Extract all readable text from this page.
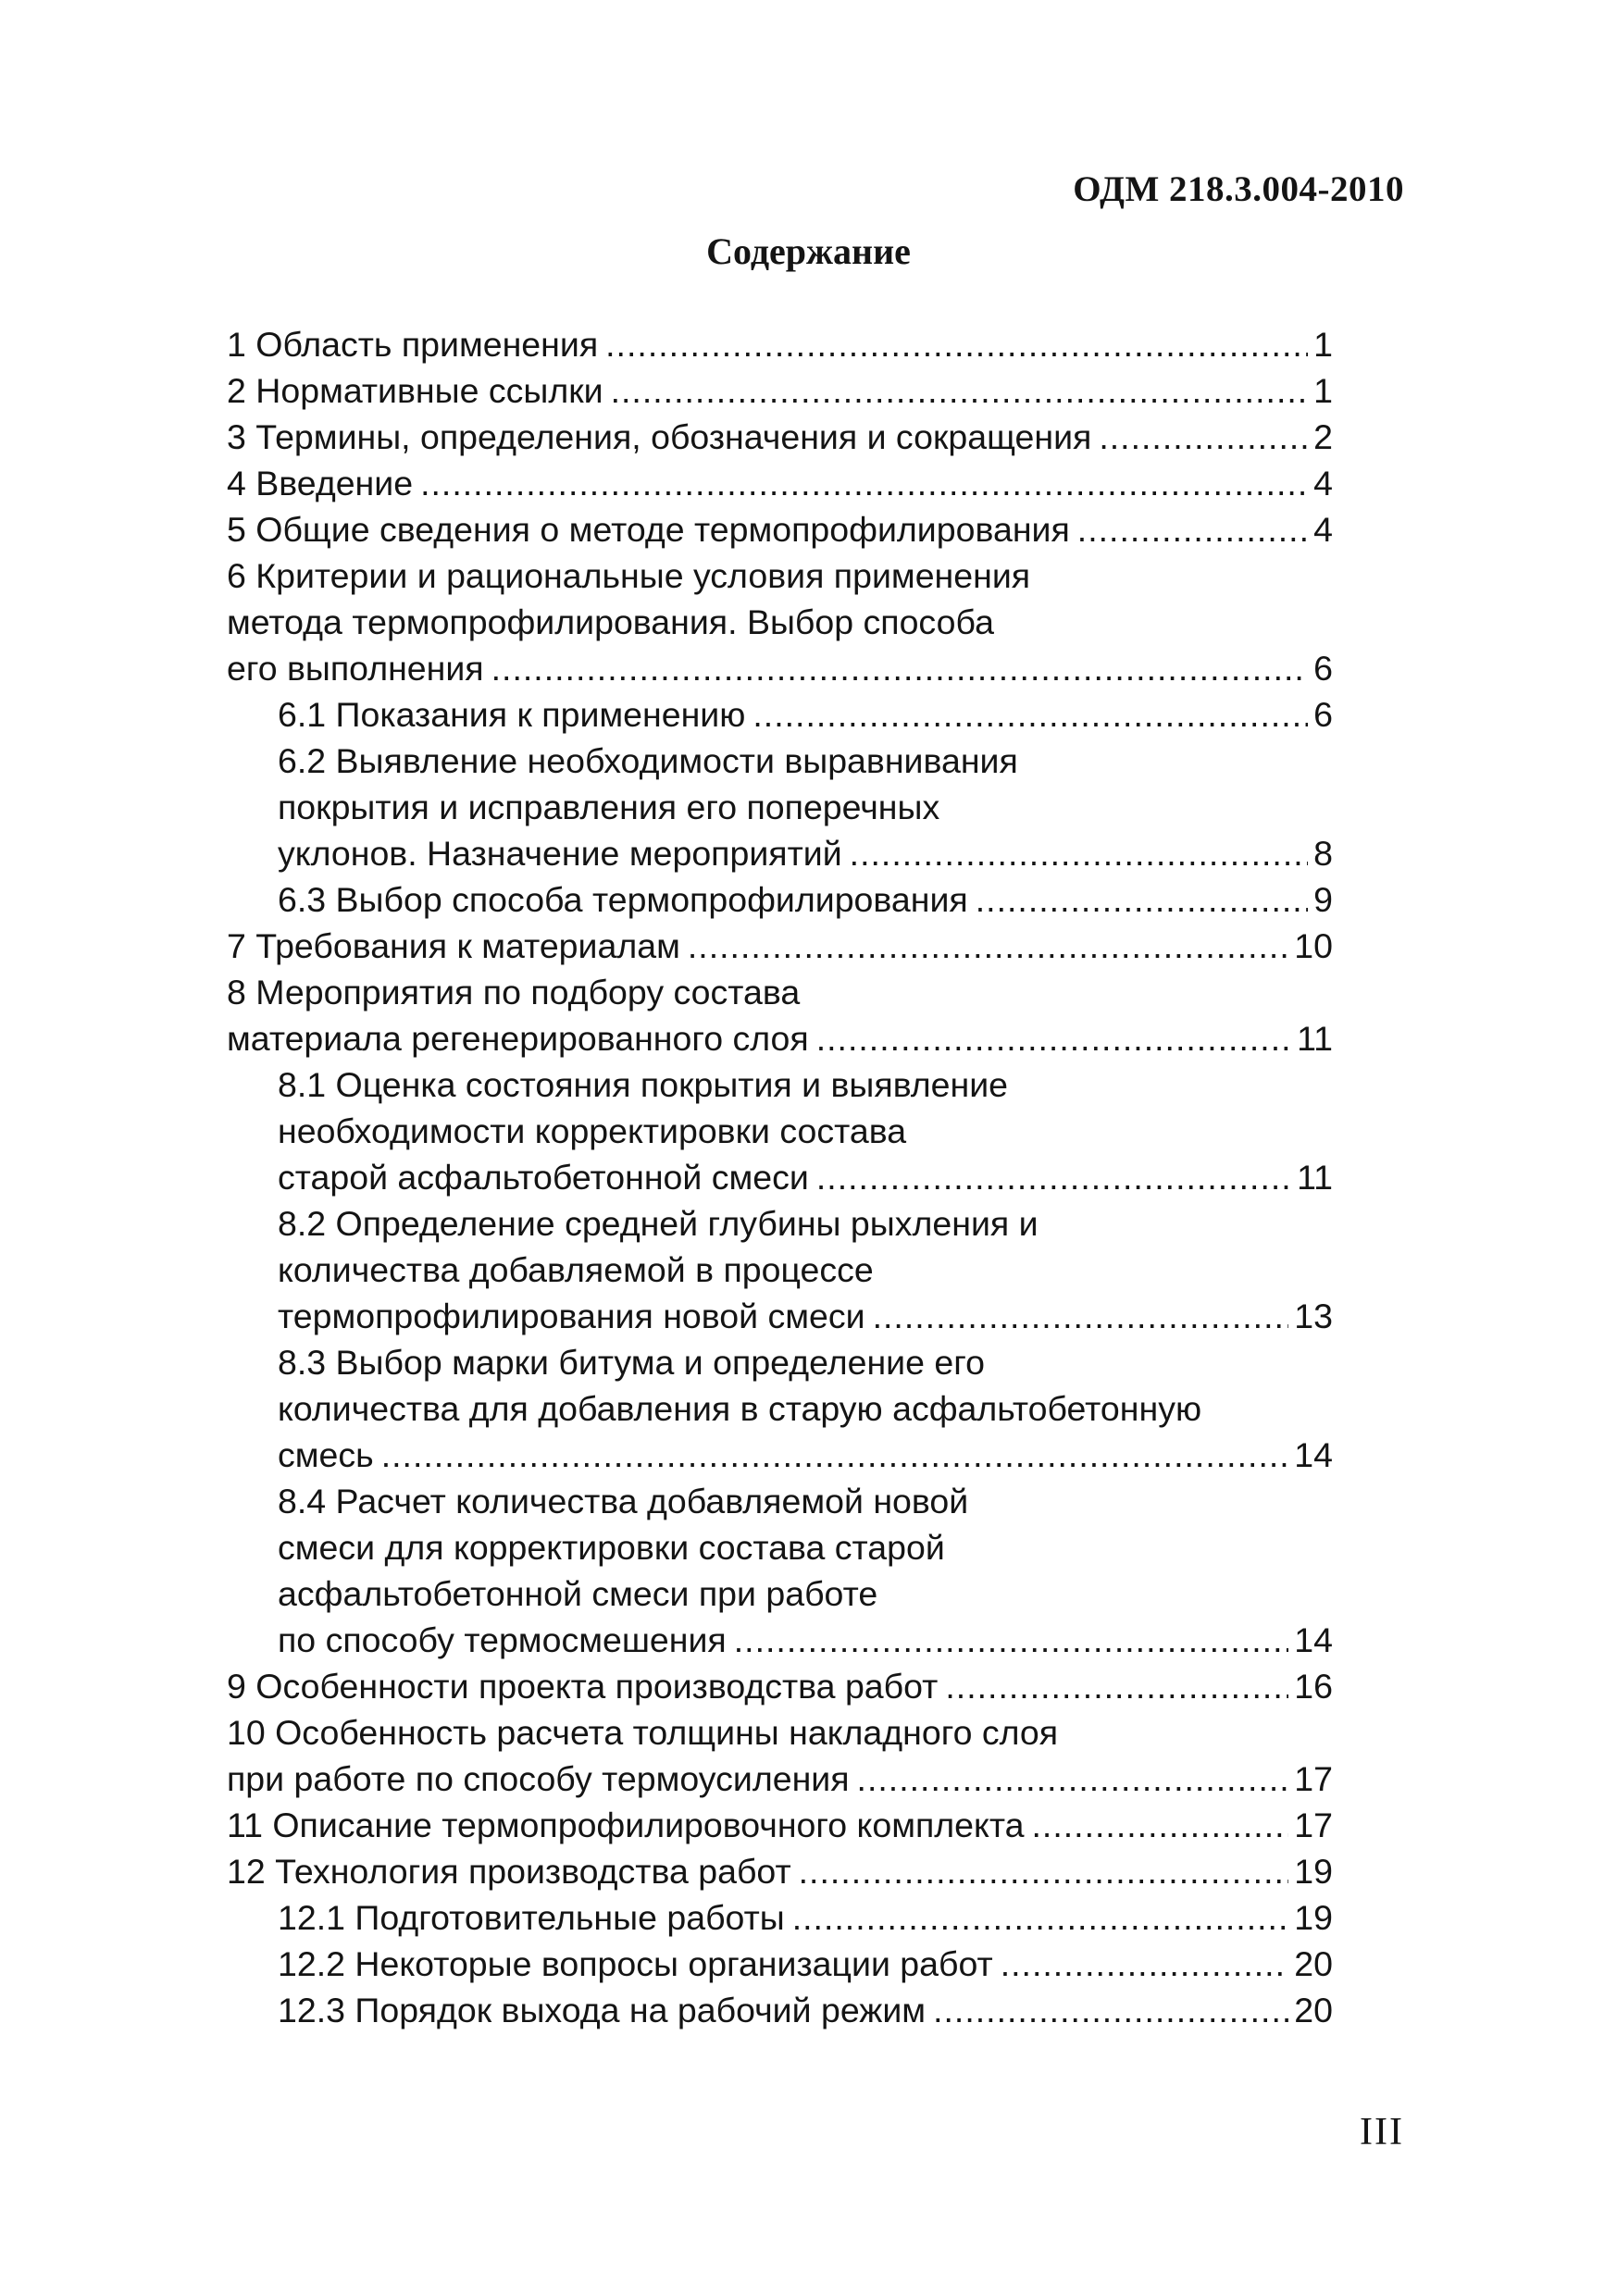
ОДМ 218.3.004-2010
Содержание
1 Область применения .....	1
2 Нормативные ссылки .....	1
3 Термины, определения, обозначения и сокращения .....	2
4 Введение .....	4
5 Общие сведения о методе термопрофилирования .....	4
6 Критерии и рациональные условия применения
метода термопрофилирования. Выбор способа
его выполнения .....	6
6.1 Показания к применению .....	6
6.2 Выявление необходимости выравнивания
покрытия и исправления его поперечных
уклонов. Назначение мероприятий .....	8
6.3 Выбор способа термопрофилирования .....	9
7 Требования к материалам .....	10
8 Мероприятия по подбору состава
материала регенерированного слоя .....	11
8.1 Оценка состояния покрытия и выявление
необходимости корректировки состава
старой асфальтобетонной смеси .....	11
8.2 Определение средней глубины рыхления и
количества добавляемой в процессе
термопрофилирования новой смеси .....	13
8.3 Выбор марки битума и определение его
количества для добавления в старую асфальтобетонную
смесь .....	14
8.4 Расчет количества добавляемой новой
смеси для корректировки состава старой
асфальтобетонной смеси при работе
по способу термосмешения .....	14
9 Особенности проекта производства работ .....	16
10 Особенность расчета толщины накладного слоя
при работе по способу термоусиления .....	17
11 Описание термопрофилировочного комплекта .....	17
12 Технология производства работ .....	19
12.1 Подготовительные работы .....	19
12.2 Некоторые вопросы организации работ .....	20
12.3 Порядок выхода на рабочий режим .....	20
III
